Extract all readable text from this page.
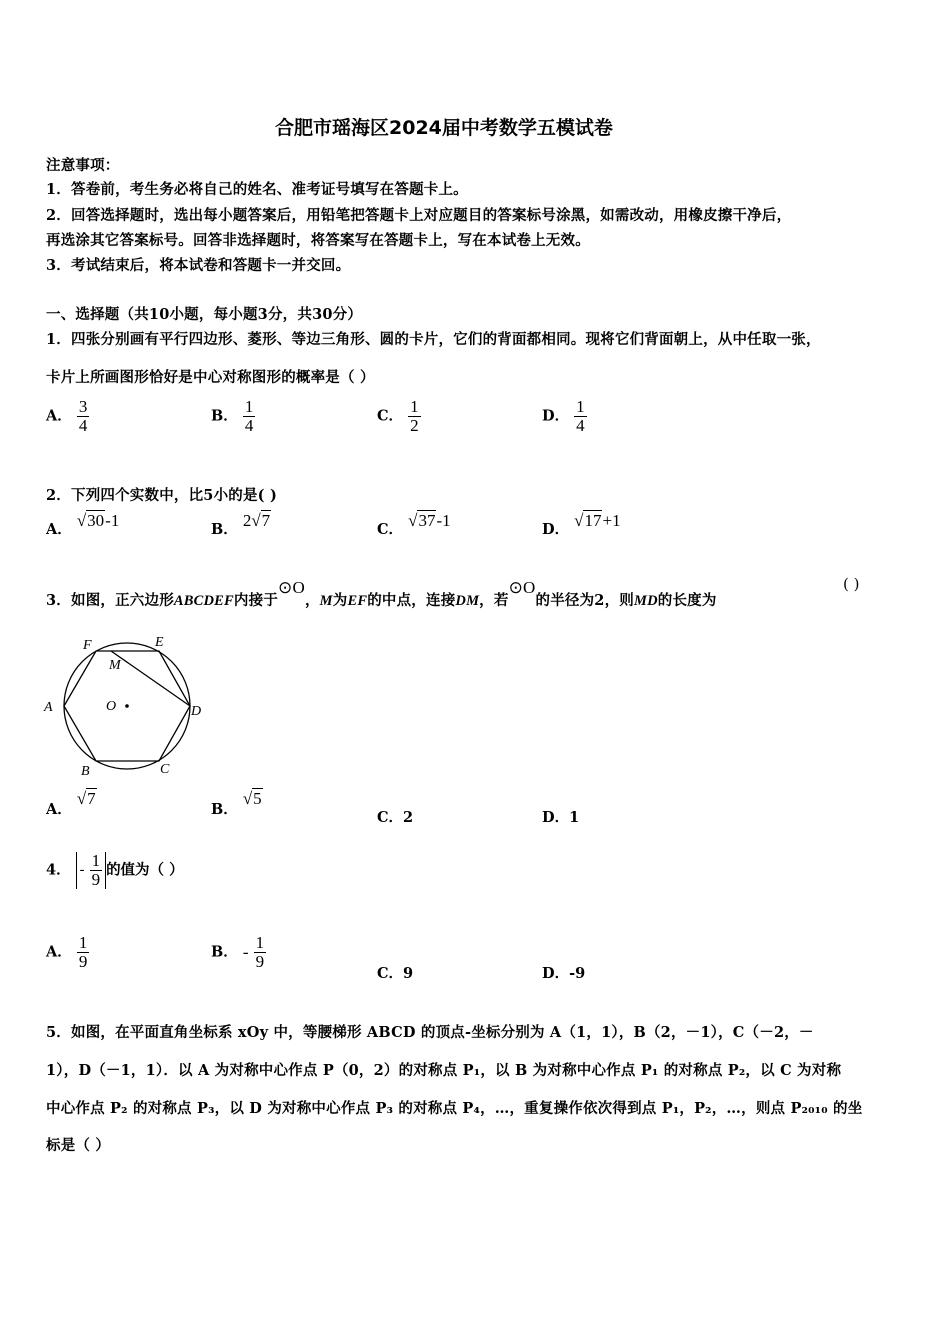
合肥市瑶海区2024届中考数学五模试卷
注意事项：
1．答卷前，考生务必将自己的姓名、准考证号填写在答题卡上。
2．回答选择题时，选出每小题答案后，用铅笔把答题卡上对应题目的答案标号涂黑，如需改动，用橡皮擦干净后，
再选涂其它答案标号。回答非选择题时，将答案写在答题卡上，写在本试卷上无效。
3．考试结束后，将本试卷和答题卡一并交回。
一、选择题（共10小题，每小题3分，共30分）
1．四张分别画有平行四边形、菱形、等边三角形、圆的卡片，它们的背面都相同。现将它们背面朝上，从中任取一张，
卡片上所画图形恰好是中心对称图形的概率是（ ）
A． $\frac{3}{4}$	B． $\frac{1}{4}$	C． $\frac{1}{2}$	D． $\frac{1}{4}$
2．下列四个实数中，比5小的是( )
A． √30-1	B． 2√7	C． √37-1	D． √17+1
3．如图，正六边形ABCDEF内接于⊙O，M为EF的中点，连接DM，若⊙O的半径为2，则MD的长度为
( )
A
B	C
D
E
F
M
O
A． √7
B． √5
C．2	D．1
4． - $\frac{1}{9}$ 的值为（ ）
A． $\frac{1}{9}$	B． - $\frac{1}{9}$
C．9	D．-9
5．如图，在平面直角坐标系 xOy 中，等腰梯形 ABCD 的顶点-坐标分别为 A（1，1），B（2，－1），C（－2，－
1），D（－1，1）．以 A 为对称中心作点 P（0，2）的对称点 P₁，以 B 为对称中心作点 P₁ 的对称点 P₂，以 C 为对称
中心作点 P₂ 的对称点 P₃，以 D 为对称中心作点 P₃ 的对称点 P₄，…，重复操作依次得到点 P₁，P₂，…，则点 P₂₀₁₀ 的坐
标是（ ）
